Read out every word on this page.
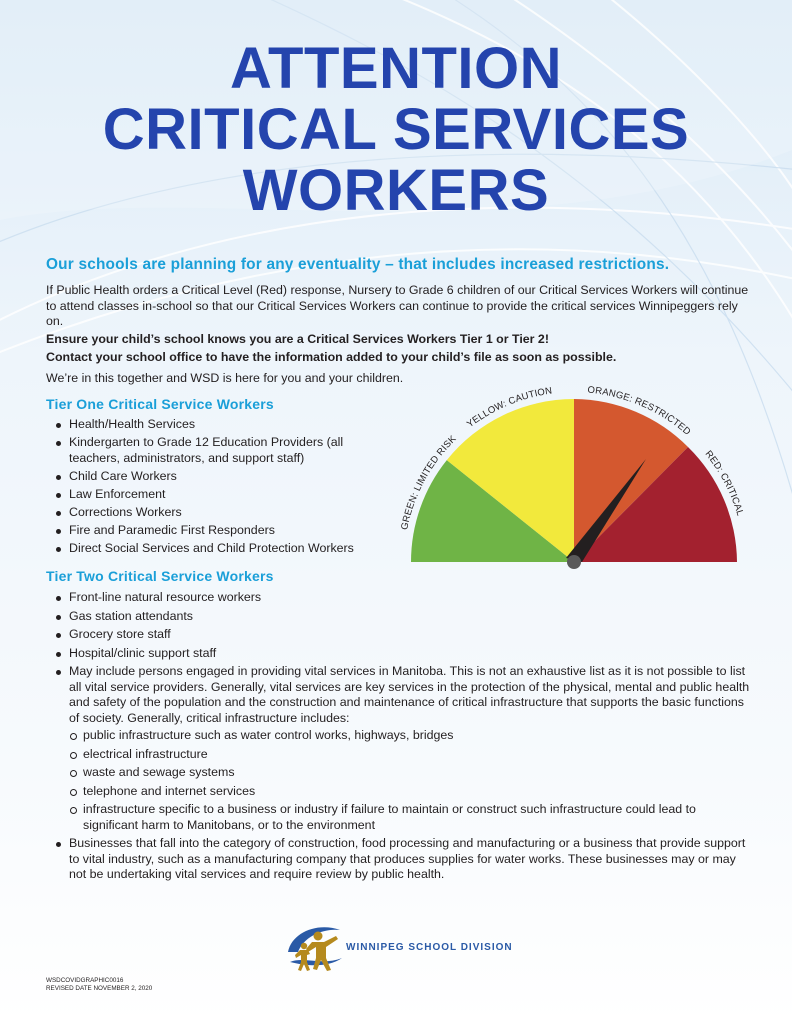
ATTENTION
CRITICAL SERVICES
WORKERS
Our schools are planning for any eventuality – that includes increased restrictions.
If Public Health orders a Critical Level (Red) response, Nursery to Grade 6 children of our Critical Services Workers will continue to attend classes in-school so that our Critical Services Workers can continue to provide the critical services Winnipeggers rely on.
Ensure your child’s school knows you are a Critical Services Workers Tier 1 or Tier 2!
Contact your school office to have the information added to your child’s file as soon as possible.
We’re in this together and WSD is here for you and your children.
Tier One Critical Service Workers
Health/Health Services
Kindergarten to Grade 12 Education Providers (all teachers, administrators, and support staff)
Child Care Workers
Law Enforcement
Corrections Workers
Fire and Paramedic First Responders
Direct Social Services and Child Protection Workers
GREEN: LIMITED RISK
YELLOW: CAUTION	ORANGE: RESTRICTED
RED: CRITICAL
Tier Two Critical Service Workers
Front-line natural resource workers
Gas station attendants
Grocery store staff
Hospital/clinic support staff
May include persons engaged in providing vital services in Manitoba. This is not an exhaustive list as it is not possible to list all vital service providers. Generally, vital services are key services in the protection of the physical, mental and public health and safety of the population and the construction and maintenance of critical infrastructure that supports the basic functions of society. Generally, critical infrastructure includes:
public infrastructure such as water control works, highways, bridges
electrical infrastructure
waste and sewage systems
telephone and internet services
infrastructure specific to a business or industry if failure to maintain or construct such infrastructure could lead to significant harm to Manitobans, or to the environment
Businesses that fall into the category of construction, food processing and manufacturing or a business that provide support to vital industry, such as a manufacturing company that produces supplies for water works. These businesses may or may not be undertaking vital services and require review by public health.
WINNIPEG SCHOOL DIVISION
WSDCOVIDGRAPHIC0016
REVISED DATE NOVEMBER 2, 2020
